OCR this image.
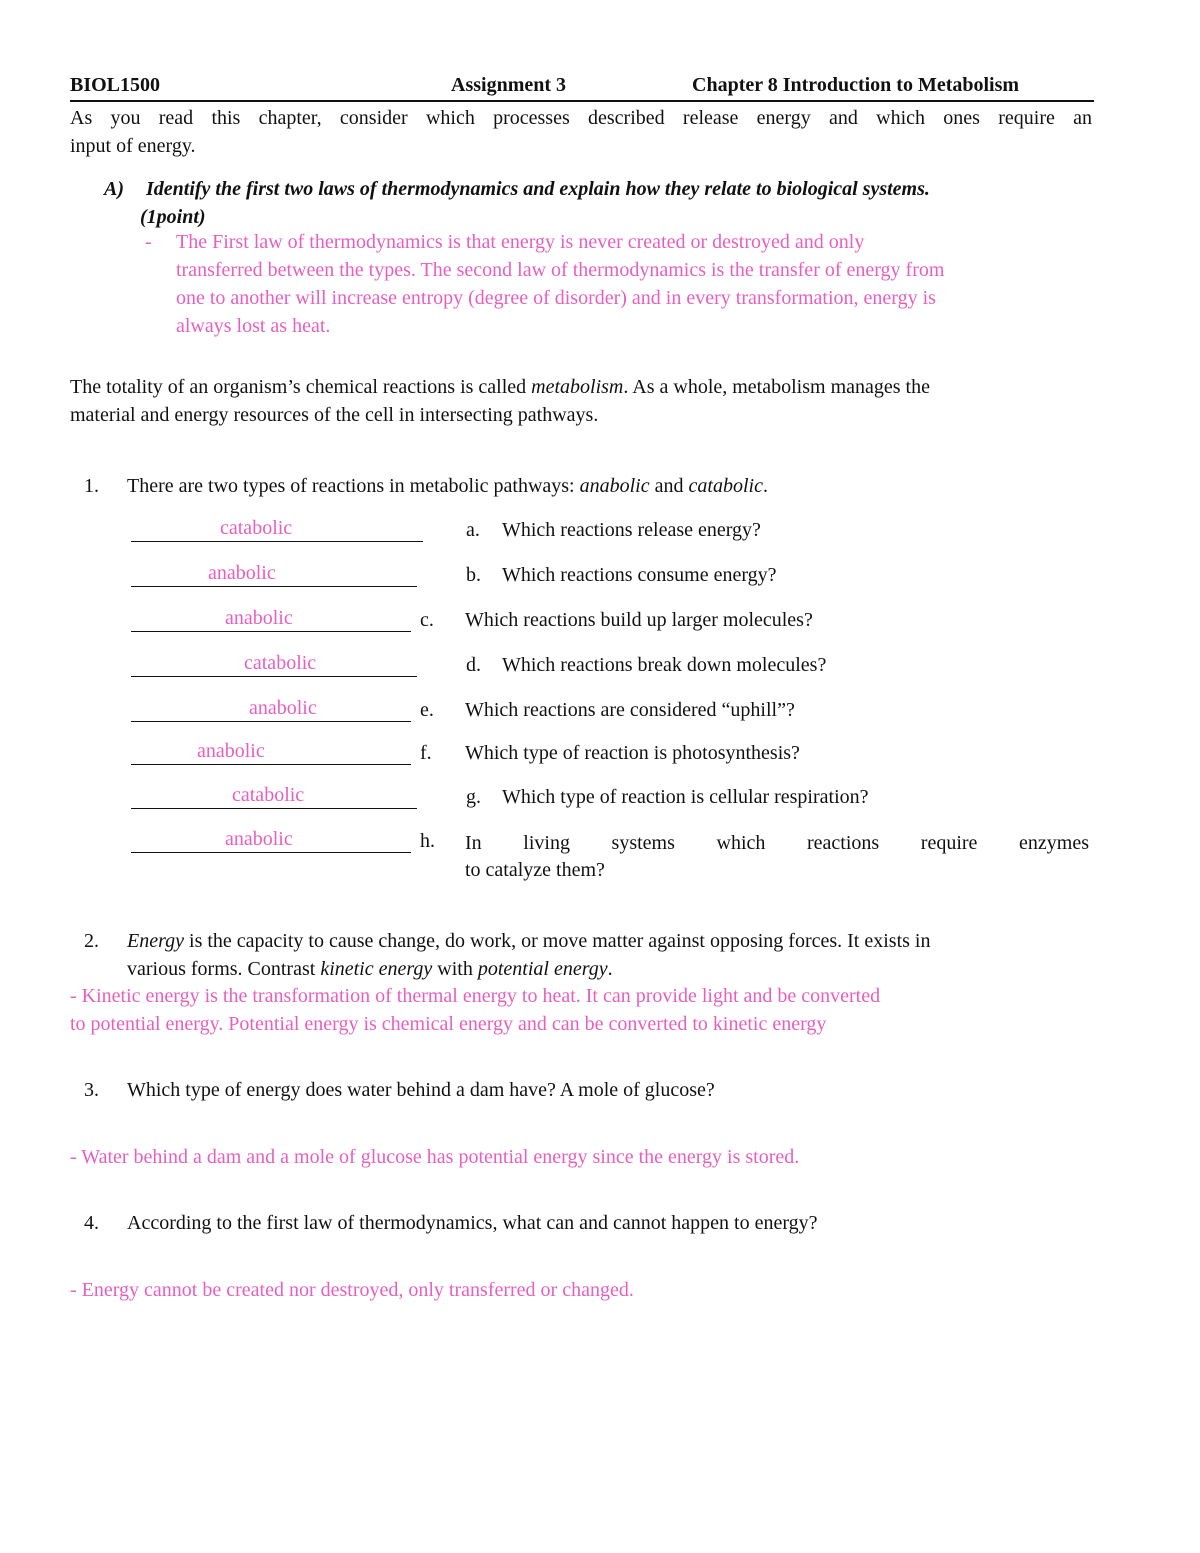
BIOL1500	Assignment 3	Chapter 8 Introduction to Metabolism
As you read this chapter, consider which processes described release energy and which ones require an
input of energy.
A) Identify the first two laws of thermodynamics and explain how they relate to biological systems.
(1point)
- The First law of thermodynamics is that energy is never created or destroyed and only
transferred between the types. The second law of thermodynamics is the transfer of energy from
one to another will increase entropy (degree of disorder) and in every transformation, energy is
always lost as heat.
The totality of an organism’s chemical reactions is called metabolism. As a whole, metabolism manages the
material and energy resources of the cell in intersecting pathways.
1. There are two types of reactions in metabolic pathways: anabolic and catabolic.
catabolic	a. Which reactions release energy?
anabolic	b. Which reactions consume energy?
anabolic	c. Which reactions build up larger molecules?
catabolic	d. Which reactions break down molecules?
anabolic	e. Which reactions are considered “uphill”?
anabolic	f. Which type of reaction is photosynthesis?
catabolic	g. Which type of reaction is cellular respiration?
anabolic	h. In living systems which reactions require enzymes
to catalyze them?
2. Energy is the capacity to cause change, do work, or move matter against opposing forces. It exists in
various forms. Contrast kinetic energy with potential energy.
- Kinetic energy is the transformation of thermal energy to heat. It can provide light and be converted
to potential energy. Potential energy is chemical energy and can be converted to kinetic energy
3. Which type of energy does water behind a dam have? A mole of glucose?
- Water behind a dam and a mole of glucose has potential energy since the energy is stored.
4. According to the first law of thermodynamics, what can and cannot happen to energy?
- Energy cannot be created nor destroyed, only transferred or changed.
